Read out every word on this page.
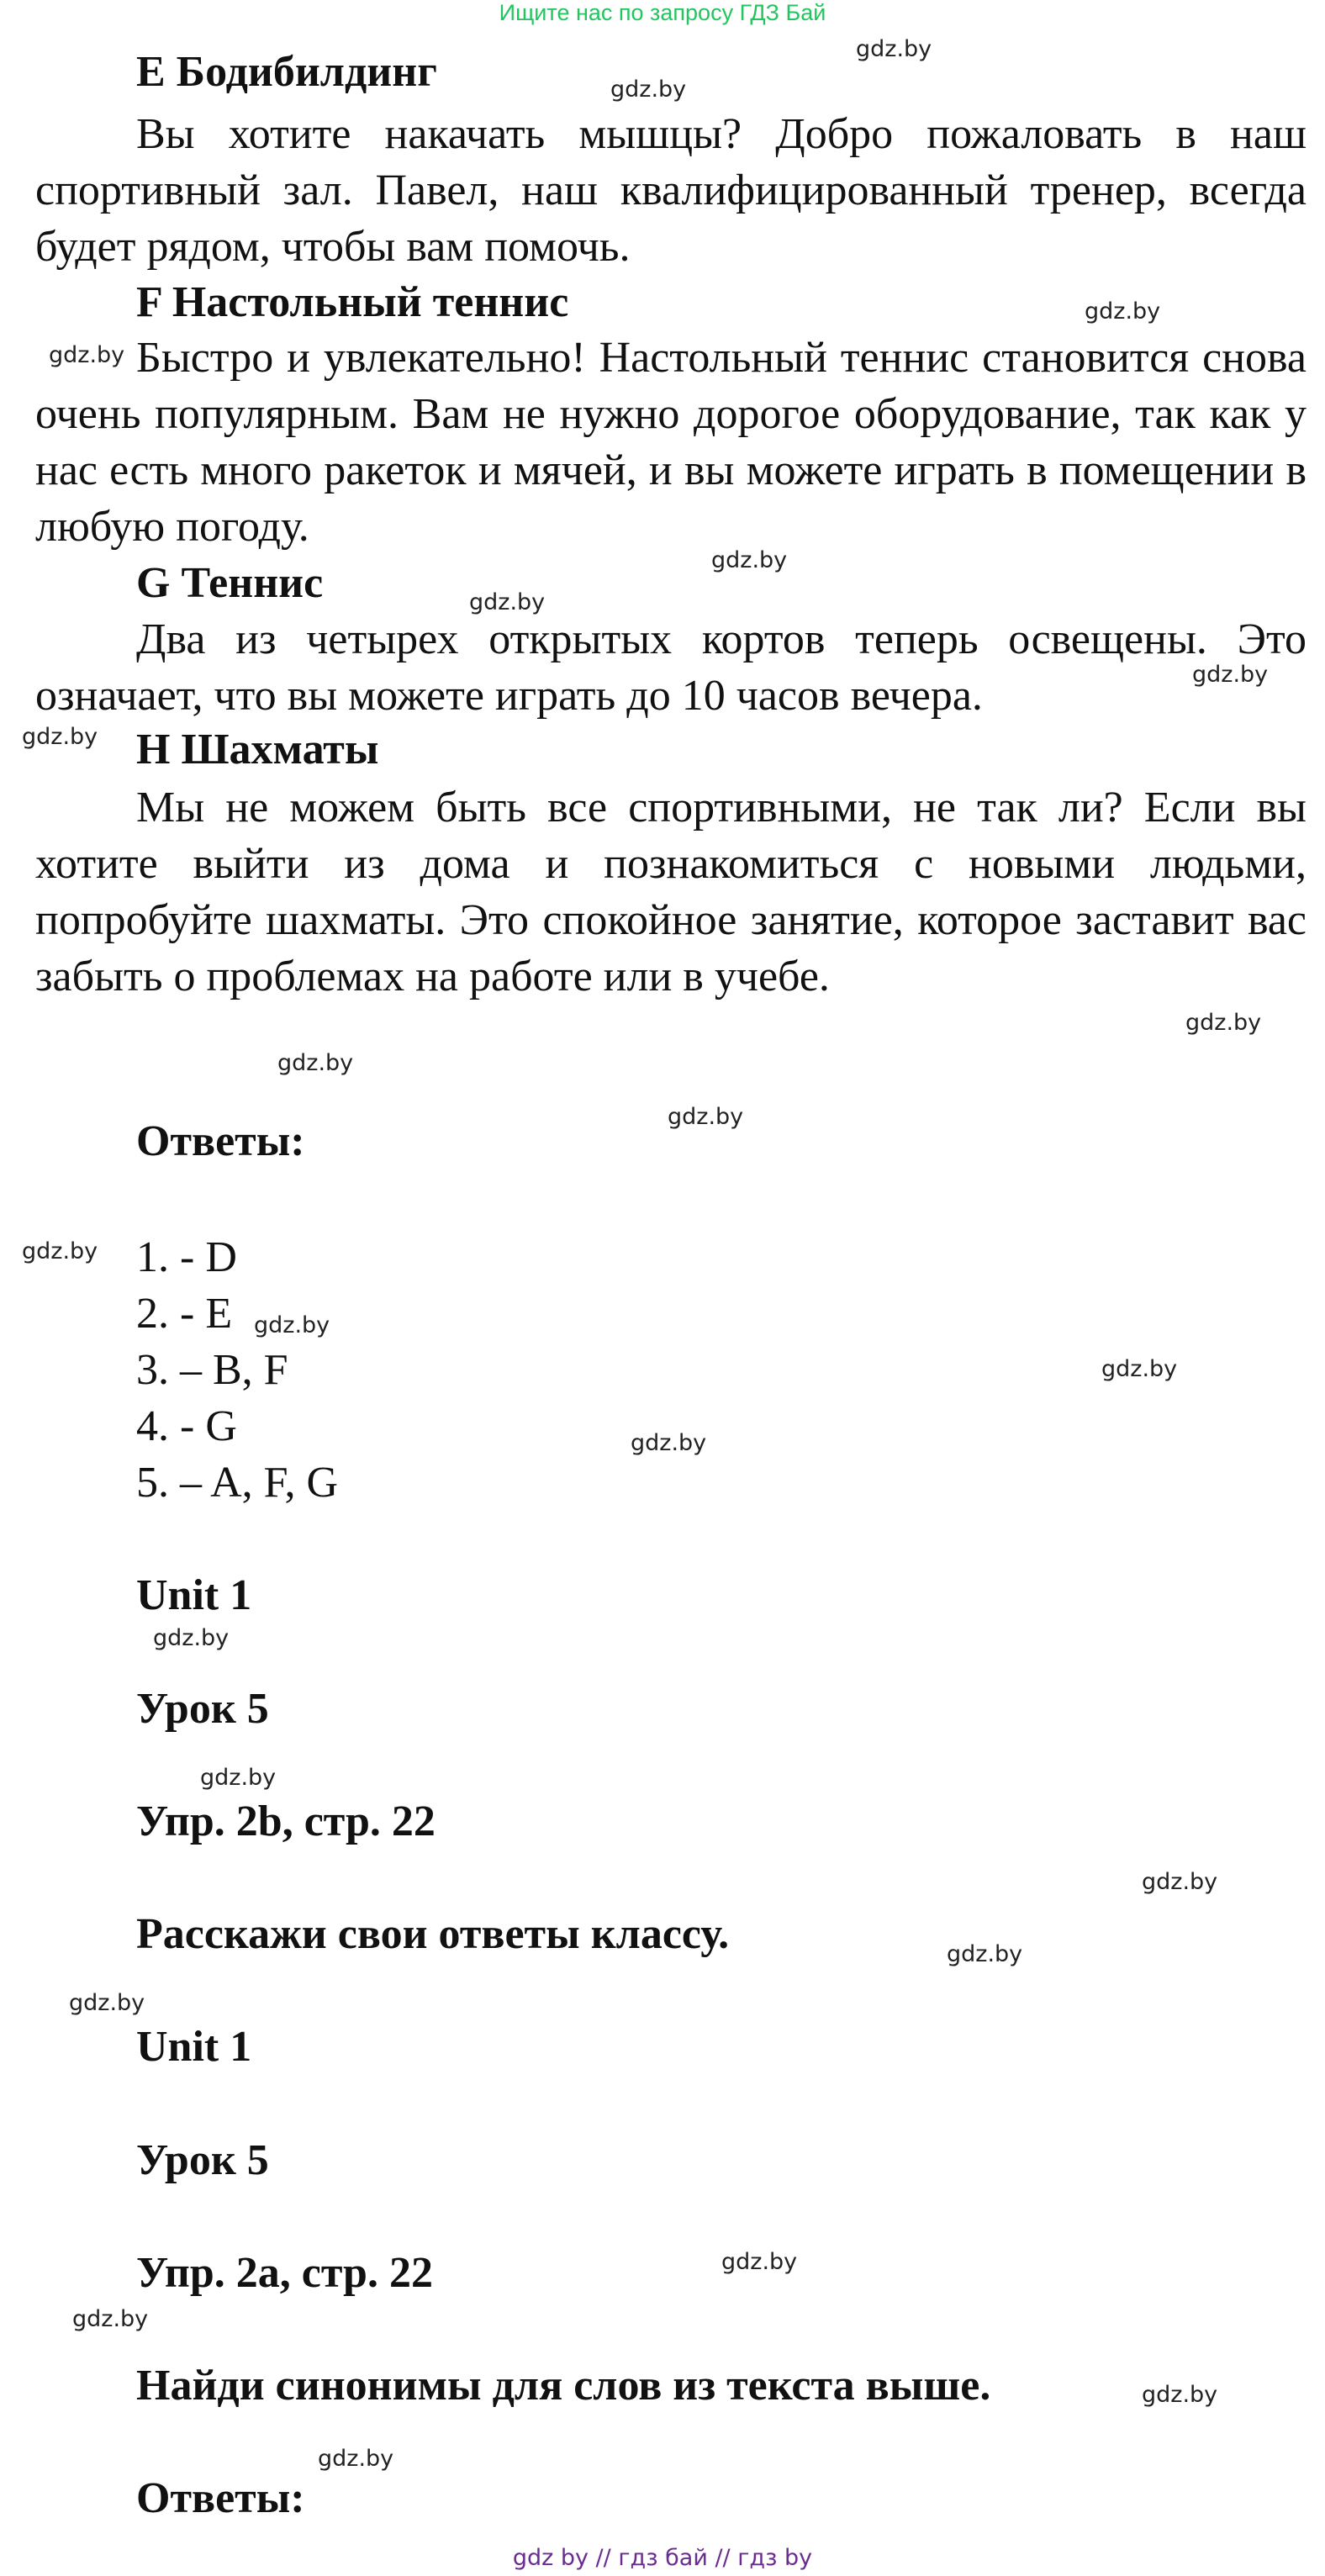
Ищите нас по запросу ГДЗ Бай
E Бодибилдинг

Вы хотите накачать мышцы? Добро пожаловать в наш спортивный зал. Павел, наш квалифицированный тренер, всегда будет рядом, чтобы вам помочь.

F Настольный теннис

Быстро и увлекательно! Настольный теннис становится снова очень популярным. Вам не нужно дорогое оборудование, так как у нас есть много ракеток и мячей, и вы можете играть в помещении в любую погоду.

G Теннис

Два из четырех открытых кортов теперь освещены. Это означает, что вы можете играть до 10 часов вечера.

H Шахматы

Мы не можем быть все спортивными, не так ли? Если вы хотите выйти из дома и познакомиться с новыми людьми, попробуйте шахматы. Это спокойное занятие, которое заставит вас забыть о проблемах на работе или в учебе.

Ответы:
1. - D
2. - E
3. – B, F
4. - G
5. – A, F, G
Unit 1
Урок 5
Упр. 2b, стр. 22
Расскажи свои ответы классу.
Unit 1
Урок 5
Упр. 2a, стр. 22
Найди синонимы для слов из текста выше.
Ответы:
gdz.by
gdz.by
gdz.by
gdz.by
gdz.by
gdz.by
gdz.by
gdz.by
gdz.by
gdz.by
gdz.by
gdz.by
gdz.by
gdz.by
gdz.by
gdz.by
gdz.by
gdz.by
gdz.by
gdz.by
gdz.by
gdz.by
gdz.by
gdz.by
gdz by // гдз бай // гдз by
